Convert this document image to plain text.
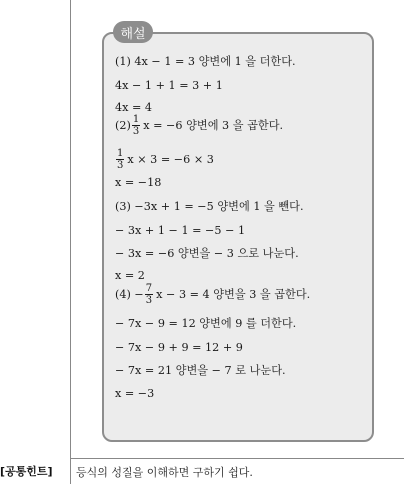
해설
(1) 4x − 1 = 3 양변에 1 을 더한다.
4x − 1 + 1 = 3 + 1
4x = 4
$(2) \frac{1}{3}$ x = −6 양변에 3 을 곱한다.
$\frac{1}{3}$ x × 3 = −6 × 3
x = −18
(3) −3x + 1 = −5 양변에 1 을 뺀다.
− 3x + 1 − 1 = −5 − 1
− 3x = −6 양변을 − 3 으로 나눈다.
x = 2
$(4) - \frac{7}{3}$ x − 3 = 4 양변을 3 을 곱한다.
− 7x − 9 = 12 양변에 9 를 더한다.
− 7x − 9 + 9 = 12 + 9
− 7x = 21 양변을 − 7 로 나눈다.
x = −3
[공통힌트] 등식의 성질을 이해하면 구하기 쉽다.
